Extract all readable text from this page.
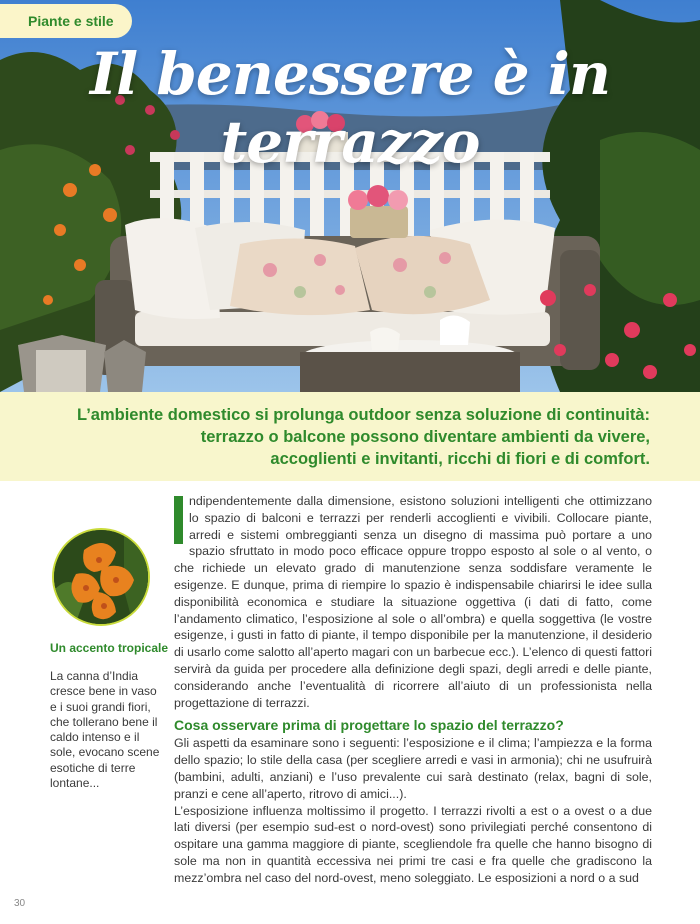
Piante e stile
Il benessere è in terrazzo
L’ambiente domestico si prolunga outdoor senza soluzione di continuità:
terrazzo o balcone possono diventare ambienti da vivere,
accoglienti e invitanti, ricchi di fiori e di comfort.
Un accento tropicale
La canna d’India cresce bene in vaso e i suoi grandi fiori, che tollerano bene il caldo intenso e il sole, evocano scene esotiche di terre lontane...

ndipendentemente dalla dimensione, esistono soluzioni intelligenti che ottimizzano lo spazio di balconi e terrazzi per renderli accoglienti e vivibili. Collocare piante, arredi e sistemi ombreggianti senza un disegno di massima può portare a uno spazio sfruttato in modo poco efficace oppure troppo esposto al sole o al vento, o che richiede un elevato grado di manutenzione senza soddisfare veramente le esigenze. E dunque, prima di riempire lo spazio è indispensabile chiarirsi le idee sulla disponibilità economica e studiare la situazione oggettiva (i dati di fatto, come l’andamento climatico, l’esposizione al sole o all’ombra) e quella soggettiva (le vostre esigenze, i gusti in fatto di piante, il tempo disponibile per la manutenzione, il desiderio di usarlo come salotto all’aperto magari con un barbecue ecc.). L’elenco di questi fattori servirà da guida per procedere alla definizione degli spazi, degli arredi e delle piante, considerando anche l’eventualità di ricorrere all’aiuto di un professionista nella progettazione di terrazzi.

Cosa osservare prima di progettare lo spazio del terrazzo?

Gli aspetti da esaminare sono i seguenti: l’esposizione e il clima; l’ampiezza e la forma dello spazio; lo stile della casa (per scegliere arredi e vasi in armonia); chi ne usufruirà (bambini, adulti, anziani) e l’uso prevalente cui sarà destinato (relax, bagni di sole, pranzi e cene all’aperto, ritrovo di amici...).

L’esposizione influenza moltissimo il progetto. I terrazzi rivolti a est o a ovest o a due lati diversi (per esempio sud-est o nord-ovest) sono privilegiati perché consentono di ospitare una gamma maggiore di piante, scegliendole fra quelle che hanno bisogno di sole ma non in quantità eccessiva nei primi tre casi e fra quelle che gradiscono la mezz’ombra nel caso del nord-ovest, meno soleggiato. Le esposizioni a nord o a sud

30
